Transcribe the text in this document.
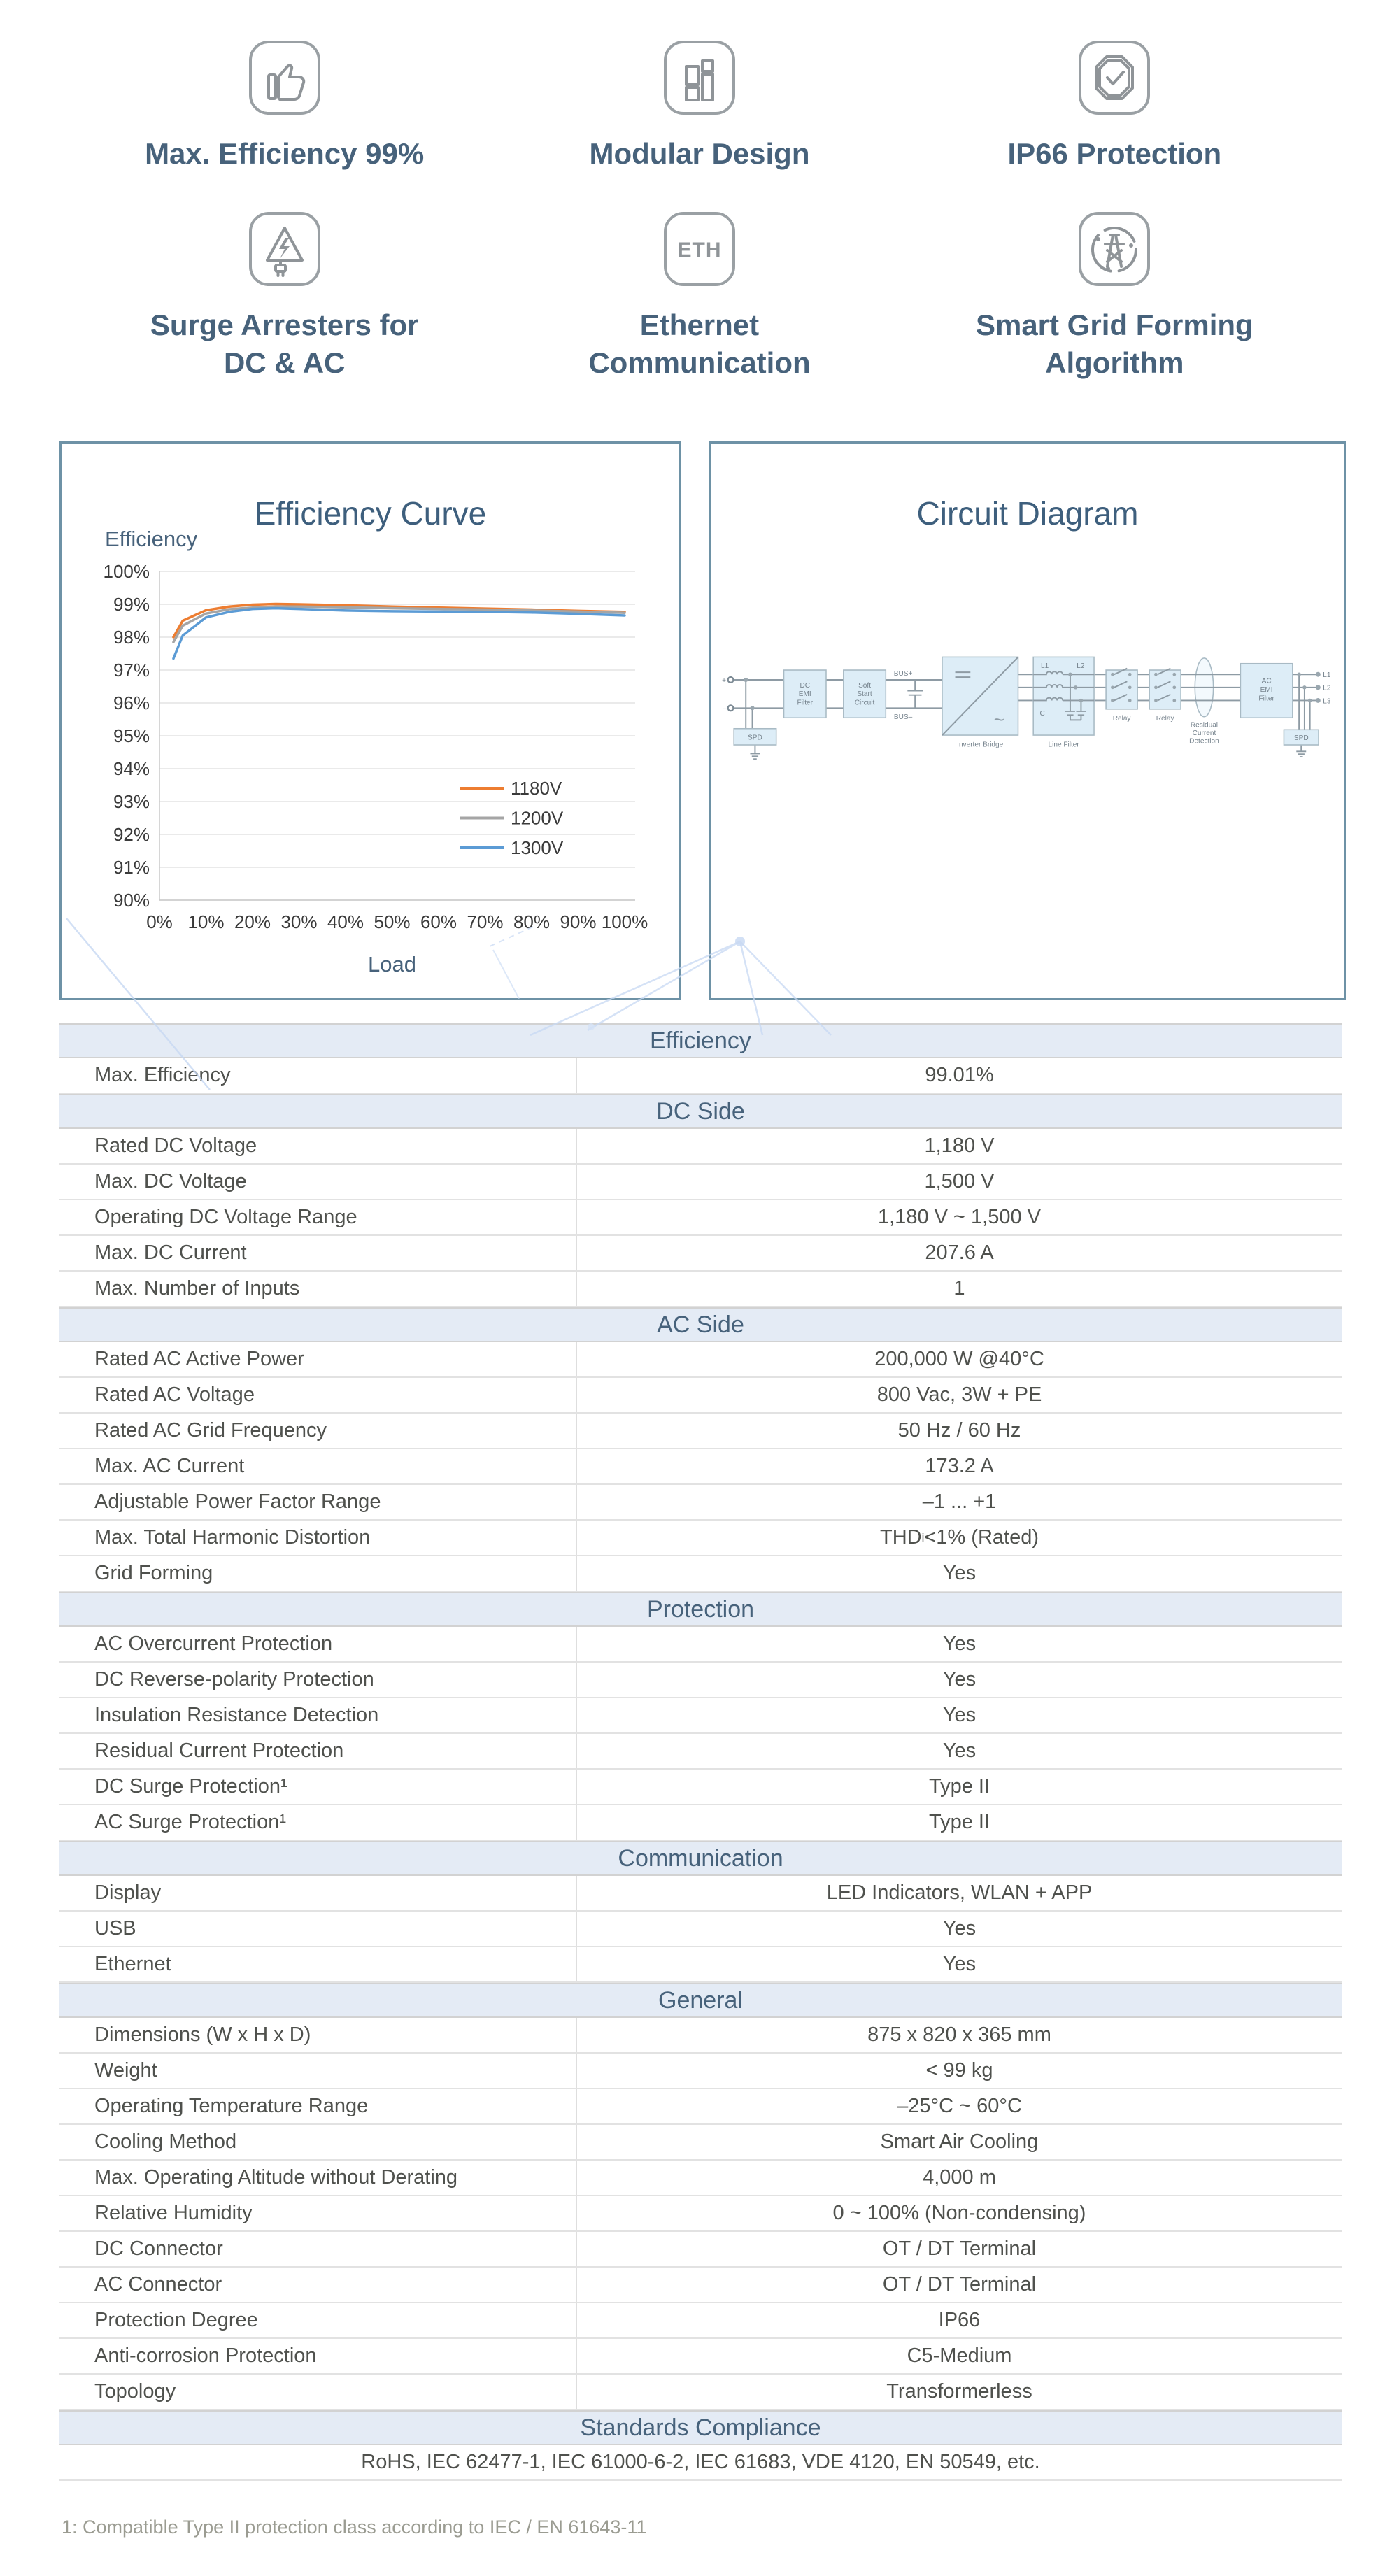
Max. Efficiency 99%	Modular Design	IP66 Protection
Surge Arresters for
DC & AC
ETH
Ethernet
Communication
Smart Grid Forming
Algorithm
Efficiency Curve
Efficiency
100%
99%
98%
97%
96%
95%
94%
93%
92%
91%
90%
0% 10% 20% 30% 40% 50% 60% 70% 80% 90% 100%
Load
1180V
1200V
1300V
Circuit Diagram
+
–
SPD
DC
EMI
Filter
Soft
Start
Circuit
BUS+
BUS–	~
Inverter Bridge
L1	L2
C
Line Filter
Relay	Relay
Residual
Current
Detection
AC
EMI
Filter
L1
L2
L3
SPD
Efficiency
Max. Efficiency	99.01%
DC Side
Rated DC Voltage	1,180 V
Max. DC Voltage	1,500 V
Operating DC Voltage Range	1,180 V ~ 1,500 V
Max. DC Current	207.6 A
Max. Number of Inputs	1
AC Side
Rated AC Active Power	200,000 W @40°C
Rated AC Voltage	800 Vac, 3W + PE
Rated AC Grid Frequency	50 Hz / 60 Hz
Max. AC Current	173.2 A
Adjustable Power Factor Range	–1 ... +1
Max. Total Harmonic Distortion	THD i <1% (Rated)
Grid Forming	Yes
Protection
AC Overcurrent Protection	Yes
DC Reverse-polarity Protection	Yes
Insulation Resistance Detection	Yes
Residual Current Protection	Yes
DC Surge Protection¹	Type II
AC Surge Protection¹	Type II
Communication
Display	LED Indicators, WLAN + APP
USB	Yes
Ethernet	Yes
General
Dimensions (W x H x D)	875 x 820 x 365 mm
Weight	< 99 kg
Operating Temperature Range	–25°C ~ 60°C
Cooling Method	Smart Air Cooling
Max. Operating Altitude without Derating	4,000 m
Relative Humidity	0 ~ 100% (Non-condensing)
DC Connector	OT / DT Terminal
AC Connector	OT / DT Terminal
Protection Degree	IP66
Anti-corrosion Protection	C5-Medium
Topology	Transformerless
Standards Compliance
RoHS, IEC 62477-1, IEC 61000-6-2, IEC 61683, VDE 4120, EN 50549, etc.
1: Compatible Type II protection class according to IEC / EN 61643-11
